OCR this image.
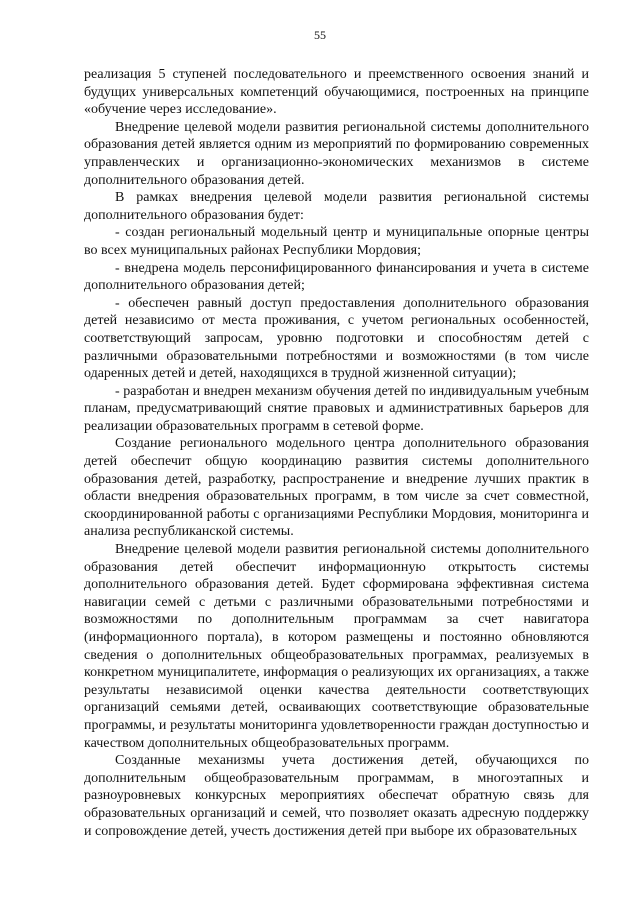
55

реализация 5 ступеней последовательного и преемственного освоения знаний и будущих универсальных компетенций обучающимися, построенных на принципе «обучение через исследование».

Внедрение целевой модели развития региональной системы дополнительного образования детей является одним из мероприятий по формированию современных управленческих и организационно-экономических механизмов в системе дополнительного образования детей.

В рамках внедрения целевой модели развития региональной системы дополнительного образования будет:

- создан региональный модельный центр и муниципальные опорные центры во всех муниципальных районах Республики Мордовия;

- внедрена модель персонифицированного финансирования и учета в системе дополнительного образования детей;

- обеспечен равный доступ предоставления дополнительного образования детей независимо от места проживания, с учетом региональных особенностей, соответствующий запросам, уровню подготовки и способностям детей с различными образовательными потребностями и возможностями (в том числе одаренных детей и детей, находящихся в трудной жизненной ситуации);

- разработан и внедрен механизм обучения детей по индивидуальным учебным планам, предусматривающий снятие правовых и административных барьеров для реализации образовательных программ в сетевой форме.

Создание регионального модельного центра дополнительного образования детей обеспечит общую координацию развития системы дополнительного образования детей, разработку, распространение и внедрение лучших практик в области внедрения образовательных программ, в том числе за счет совместной, скоординированной работы с организациями Республики Мордовия, мониторинга и анализа республиканской системы.

Внедрение целевой модели развития региональной системы дополнительного образования детей обеспечит информационную открытость системы дополнительного образования детей. Будет сформирована эффективная система навигации семей с детьми с различными образовательными потребностями и возможностями по дополнительным программам за счет навигатора (информационного портала), в котором размещены и постоянно обновляются сведения о дополнительных общеобразовательных программах, реализуемых в конкретном муниципалитете, информация о реализующих их организациях, а также результаты независимой оценки качества деятельности соответствующих организаций семьями детей, осваивающих соответствующие образовательные программы, и результаты мониторинга удовлетворенности граждан доступностью и качеством дополнительных общеобразовательных программ.

Созданные механизмы учета достижения детей, обучающихся по дополнительным общеобразовательным программам, в многоэтапных и разноуровневых конкурсных мероприятиях обеспечат обратную связь для образовательных организаций и семей, что позволяет оказать адресную поддержку и сопровождение детей, учесть достижения детей при выборе их образовательных
